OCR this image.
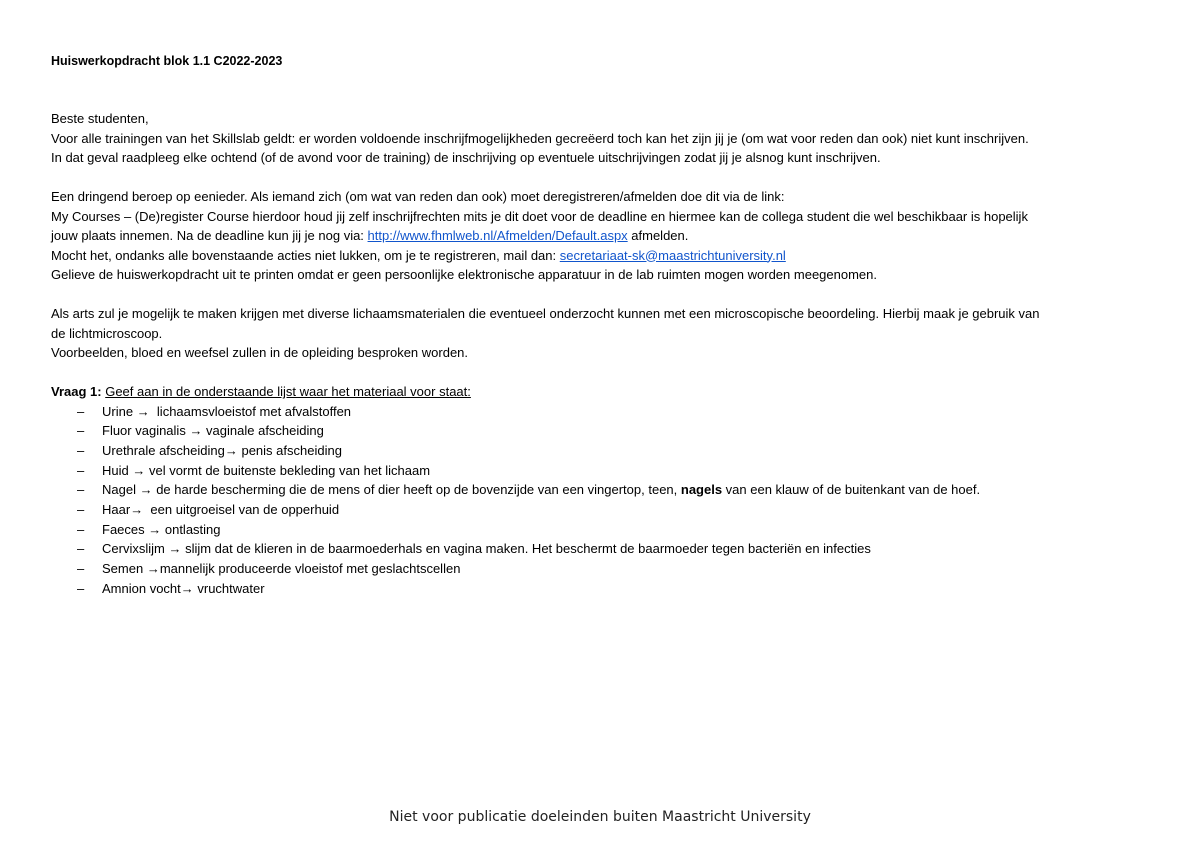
Huiswerkopdracht blok 1.1 C2022-2023

Beste studenten,

Voor alle trainingen van het Skillslab geldt: er worden voldoende inschrijfmogelijkheden gecreëerd toch kan het zijn jij je (om wat voor reden dan ook) niet kunt inschrijven.

In dat geval raadpleeg elke ochtend (of de avond voor de training) de inschrijving op eventuele uitschrijvingen zodat jij je alsnog kunt inschrijven.

Een dringend beroep op eenieder. Als iemand zich (om wat van reden dan ook) moet deregistreren/afmelden doe dit via de link:

My Courses – (De)register Course hierdoor houd jij zelf inschrijfrechten mits je dit doet voor de deadline en hiermee kan de collega student die wel beschikbaar is hopelijk

jouw plaats innemen. Na de deadline kun jij je nog via: http://www.fhmlweb.nl/Afmelden/Default.aspx afmelden.

Mocht het, ondanks alle bovenstaande acties niet lukken, om je te registreren, mail dan: secretariaat-sk@maastrichtuniversity.nl

Gelieve de huiswerkopdracht uit te printen omdat er geen persoonlijke elektronische apparatuur in de lab ruimten mogen worden meegenomen.

Als arts zul je mogelijk te maken krijgen met diverse lichaamsmaterialen die eventueel onderzocht kunnen met een microscopische beoordeling. Hierbij maak je gebruik van

de lichtmicroscoop.

Voorbeelden, bloed en weefsel zullen in de opleiding besproken worden.

Vraag 1: Geef aan in de onderstaande lijst waar het materiaal voor staat:

– Urine →  lichaamsvloeistof met afvalstoffen
– Fluor vaginalis → vaginale afscheiding
– Urethrale afscheiding→ penis afscheiding
– Huid → vel vormt de buitenste bekleding van het lichaam
– Nagel → de harde bescherming die de mens of dier heeft op de bovenzijde van een vingertop, teen, nagels van een klauw of de buitenkant van de hoef.
– Haar→  een uitgroeisel van de opperhuid
– Faeces → ontlasting
– Cervixslijm → slijm dat de klieren in de baarmoederhals en vagina maken. Het beschermt de baarmoeder tegen bacteriën en infecties
– Semen →mannelijk produceerde vloeistof met geslachtscellen
– Amnion vocht→ vruchtwater
Niet voor publicatie doeleinden buiten Maastricht University
